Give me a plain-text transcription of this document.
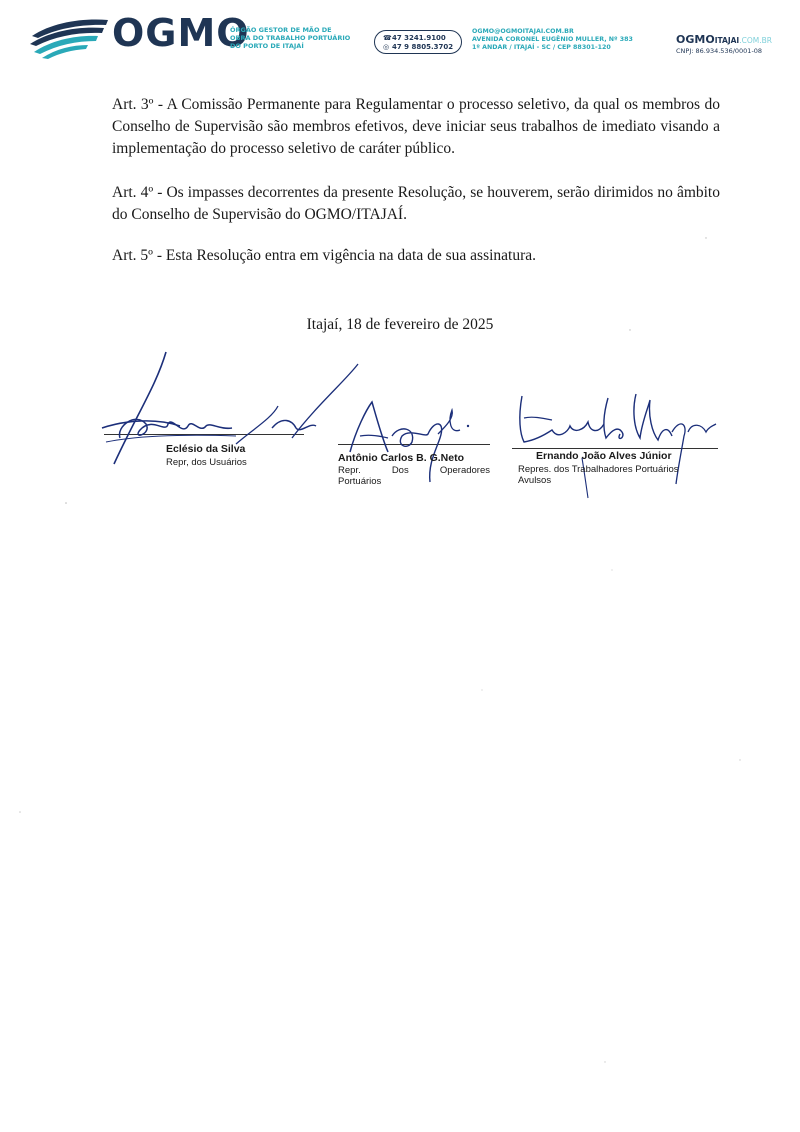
OGMO
ÓRGÃO GESTOR DE MÃO DE
OBRA DO TRABALHO PORTUÁRIO
DO PORTO DE ITAJAÍ
☎47 3241.9100
◎ 47 9 8805.3702
OGMO@OGMOITAJAI.COM.BR
AVENIDA CORONEL EUGÊNIO MULLER, Nº 383
1º ANDAR / ITAJAÍ - SC / CEP 88301-120
OGMOITAJAI.COM.BR
CNPJ: 86.934.536/0001-08

Art. 3º - A Comissão Permanente para Regulamentar o processo seletivo, da qual os membros do Conselho de Supervisão são membros efetivos, deve iniciar seus trabalhos de imediato visando a implementação do processo seletivo de caráter público.

Art. 4º - Os impasses decorrentes da presente Resolução, se houverem, serão dirimidos no âmbito do Conselho de Supervisão do OGMO/ITAJAÍ.

Art. 5º - Esta Resolução entra em vigência na data de sua assinatura.

Itajaí, 18 de fevereiro de 2025
Eclésio da Silva
Repr, dos Usuários	Antônio Carlos B. G.Neto
Repr. Dos Operadores
Portuários
Ernando João Alves Júnior
Repres. dos Trabalhadores Portuários
Avulsos
